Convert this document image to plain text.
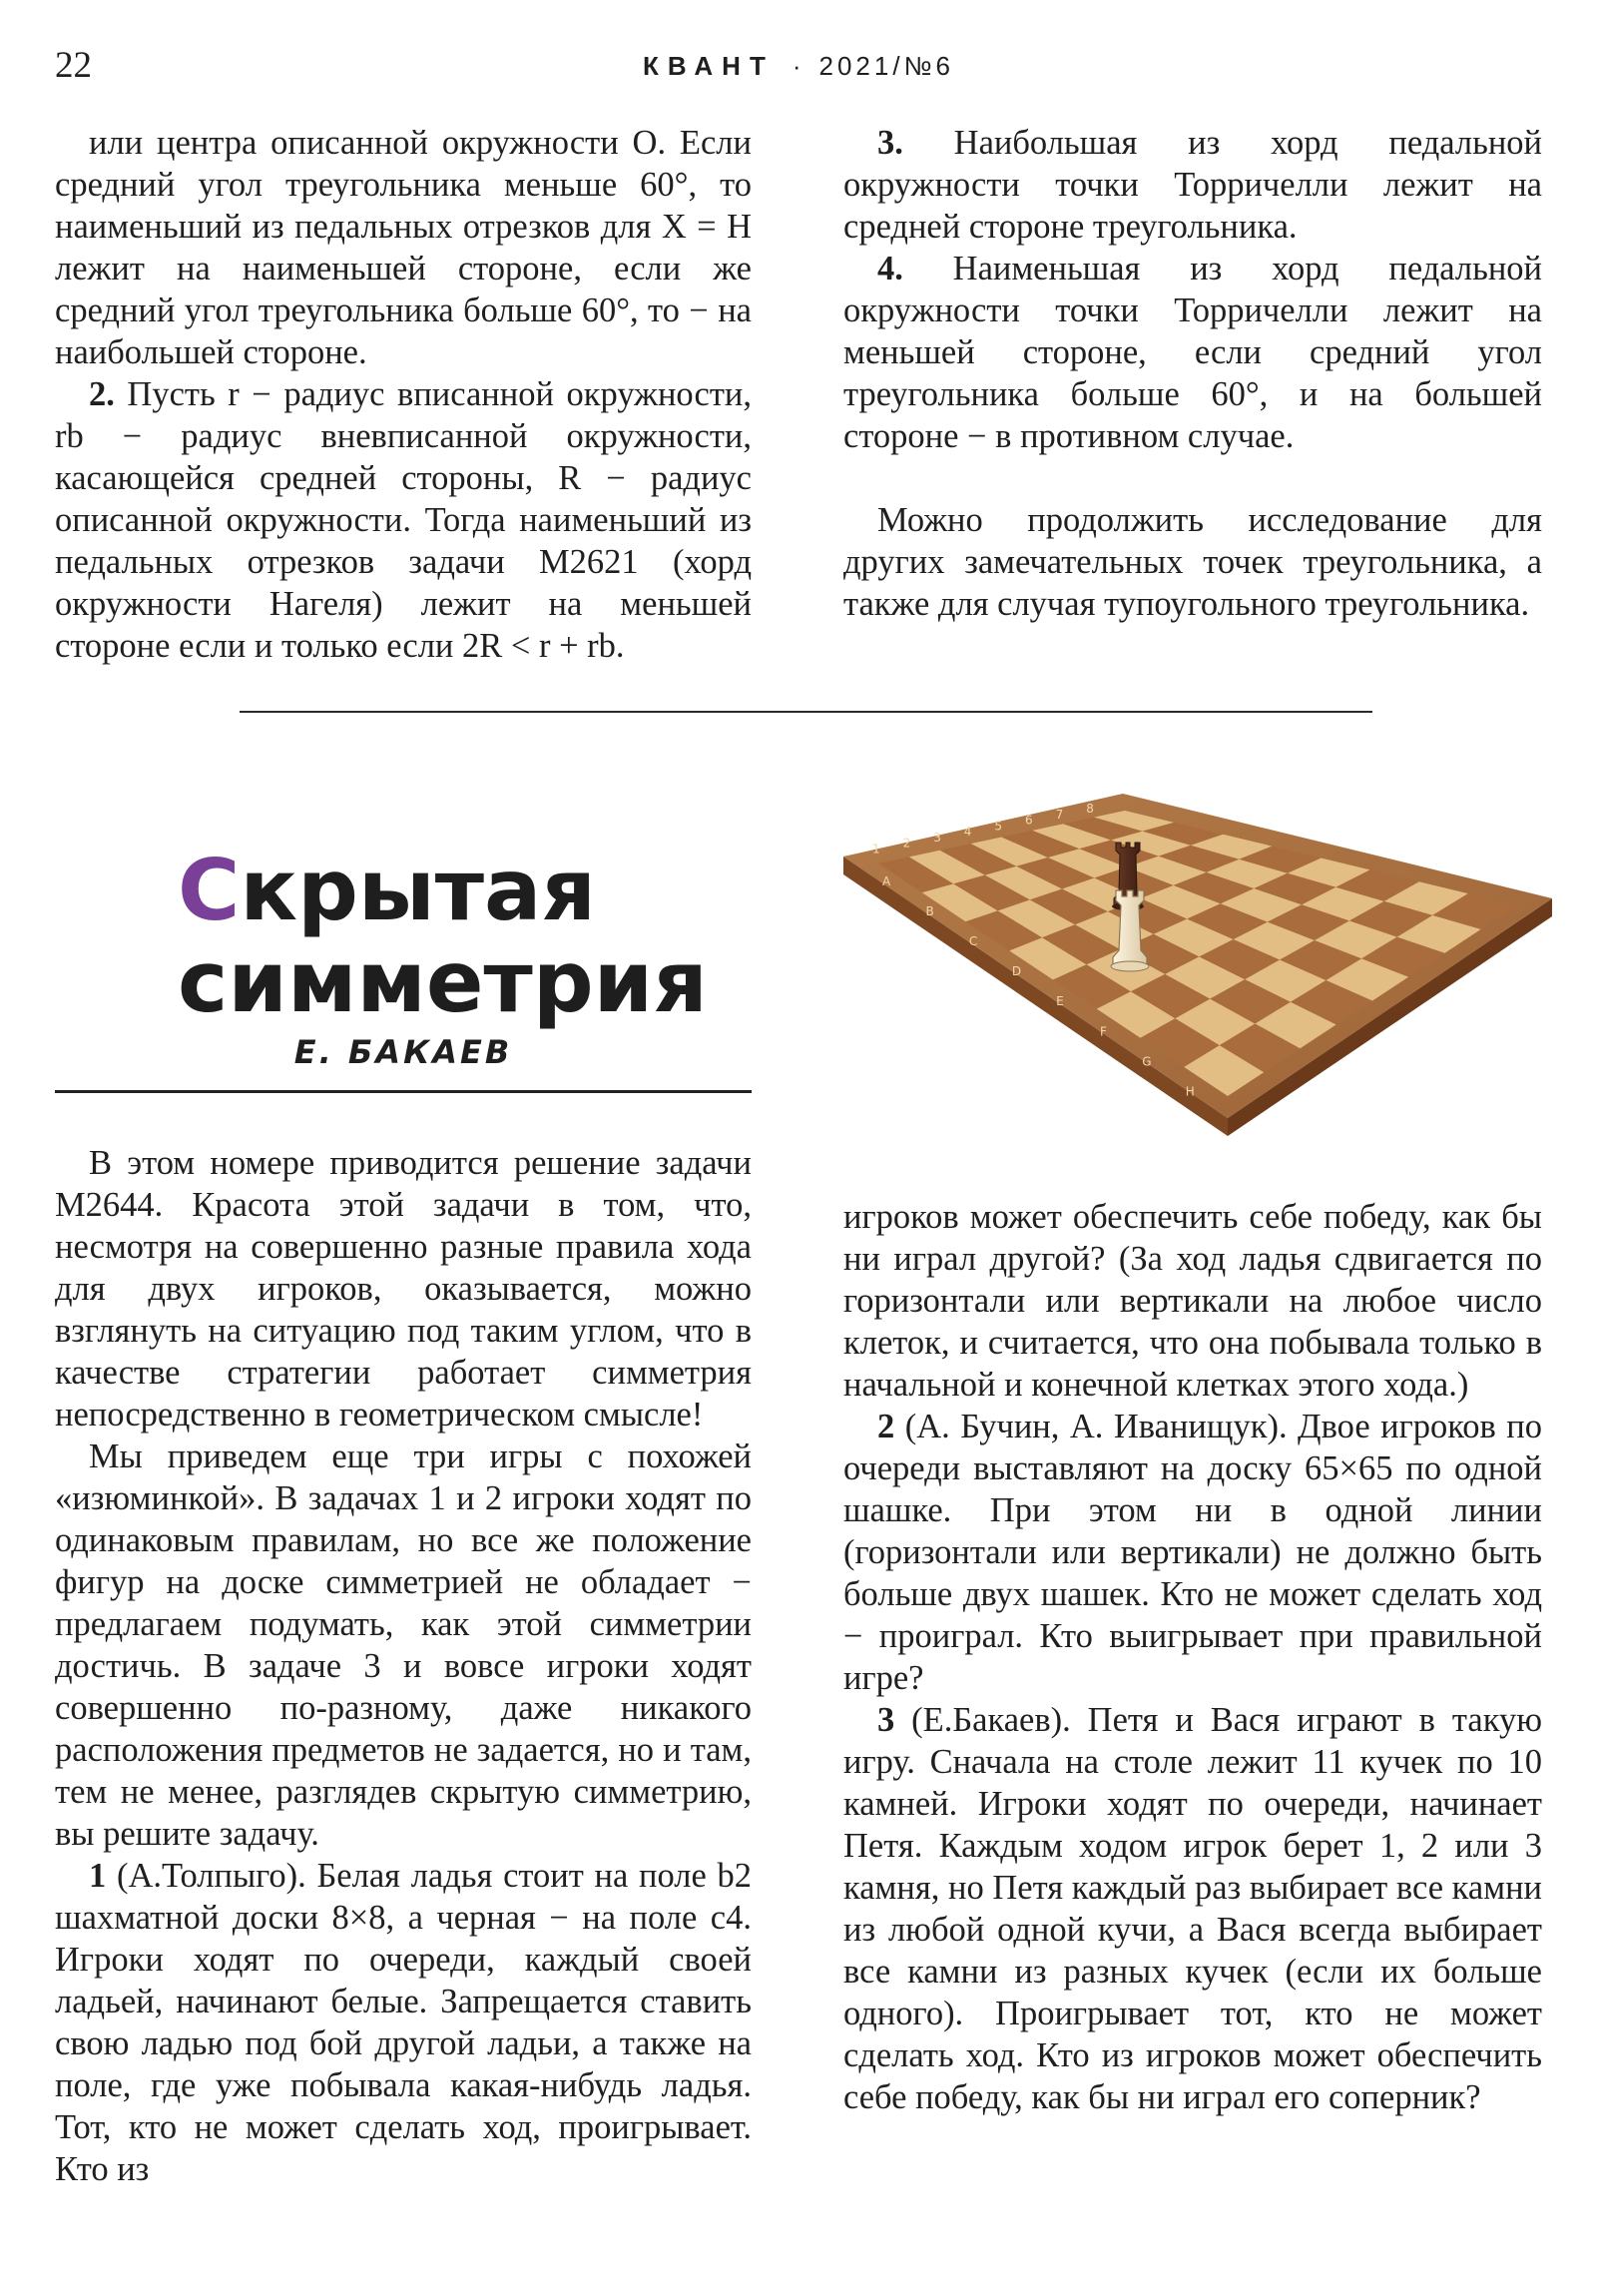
22	КВАНТ · 2021/№6

или центра описанной окружности O. Если средний угол треугольника меньше 60°, то наименьший из педальных отрезков для X = H лежит на наименьшей стороне, если же средний угол треугольника больше 60°, то − на наибольшей стороне.

2. Пусть r − радиус вписанной окружности, rb − радиус вневписанной окружности, касающейся средней стороны, R − радиус описанной окружности. Тогда наименьший из педальных отрезков задачи М2621 (хорд окружности Нагеля) лежит на меньшей стороне если и только если 2R < r + rb.

3. Наибольшая из хорд педальной окружности точки Торричелли лежит на средней стороне треугольника.

4. Наименьшая из хорд педальной окружности точки Торричелли лежит на меньшей стороне, если средний угол треугольника больше 60°, и на большей стороне − в противном случае.

Можно продолжить исследование для других замечательных точек треугольника, а также для случая тупоугольного треугольника.

Скрытая
симметрия
Е. БАКАЕВ
A
B
C
D
E
F
G
H
1 2 3 4 5 6 7 8

В этом номере приводится решение задачи М2644. Красота этой задачи в том, что, несмотря на совершенно разные правила хода для двух игроков, оказывается, можно взглянуть на ситуацию под таким углом, что в качестве стратегии работает симметрия непосредственно в геометрическом смысле!

Мы приведем еще три игры с похожей «изюминкой». В задачах 1 и 2 игроки ходят по одинаковым правилам, но все же положение фигур на доске симметрией не обладает − предлагаем подумать, как этой симметрии достичь. В задаче 3 и вовсе игроки ходят совершенно по-разному, даже никакого расположения предметов не задается, но и там, тем не менее, разглядев скрытую симметрию, вы решите задачу.

1 (А.Толпыго). Белая ладья стоит на поле b2 шахматной доски 8×8, а черная − на поле c4. Игроки ходят по очереди, каждый своей ладьей, начинают белые. Запрещается ставить свою ладью под бой другой ладьи, а также на поле, где уже побывала какая-нибудь ладья. Тот, кто не может сделать ход, проигрывает. Кто из

игроков может обеспечить себе победу, как бы ни играл другой? (За ход ладья сдвигается по горизонтали или вертикали на любое число клеток, и считается, что она побывала только в начальной и конечной клетках этого хода.)

2 (А. Бучин, А. Иванищук). Двое игроков по очереди выставляют на доску 65×65 по одной шашке. При этом ни в одной линии (горизонтали или вертикали) не должно быть больше двух шашек. Кто не может сделать ход − проиграл. Кто выигрывает при правильной игре?

3 (Е.Бакаев). Петя и Вася играют в такую игру. Сначала на столе лежит 11 кучек по 10 камней. Игроки ходят по очереди, начинает Петя. Каждым ходом игрок берет 1, 2 или 3 камня, но Петя каждый раз выбирает все камни из любой одной кучи, а Вася всегда выбирает все камни из разных кучек (если их больше одного). Проигрывает тот, кто не может сделать ход. Кто из игроков может обеспечить себе победу, как бы ни играл его соперник?
